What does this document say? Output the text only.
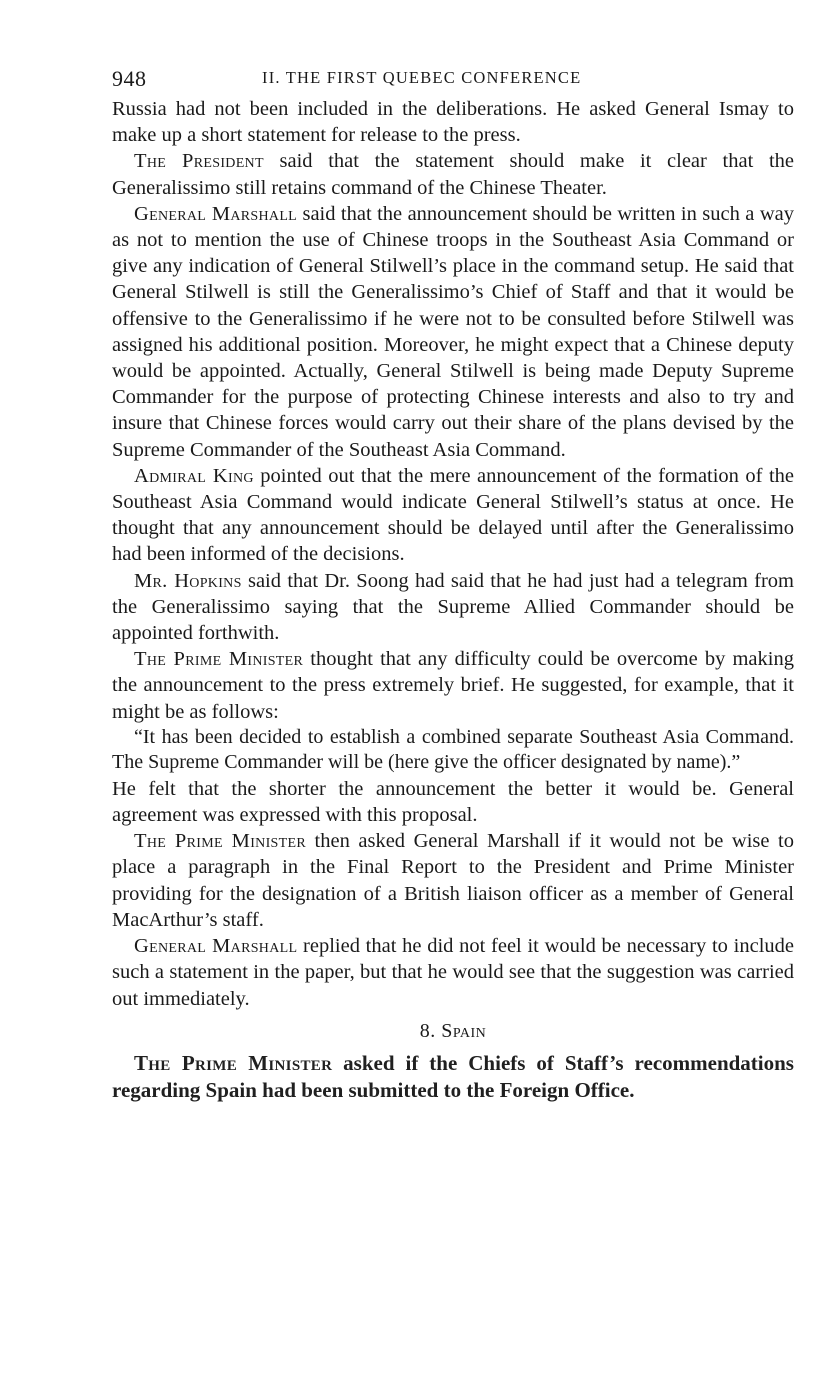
948	II. THE FIRST QUEBEC CONFERENCE

Russia had not been included in the deliberations. He asked General Ismay to make up a short statement for release to the press.

The President said that the statement should make it clear that the Generalissimo still retains command of the Chinese Theater.

General Marshall said that the announcement should be written in such a way as not to mention the use of Chinese troops in the Southeast Asia Command or give any indication of General Stilwell’s place in the command setup. He said that General Stilwell is still the Generalissimo’s Chief of Staff and that it would be offensive to the Generalissimo if he were not to be consulted before Stilwell was assigned his additional position. Moreover, he might expect that a Chinese deputy would be appointed. Actually, General Stilwell is being made Deputy Supreme Commander for the purpose of protecting Chinese interests and also to try and insure that Chinese forces would carry out their share of the plans devised by the Supreme Commander of the Southeast Asia Command.

Admiral King pointed out that the mere announcement of the formation of the Southeast Asia Command would indicate General Stilwell’s status at once. He thought that any announcement should be delayed until after the Generalissimo had been informed of the decisions.

Mr. Hopkins said that Dr. Soong had said that he had just had a telegram from the Generalissimo saying that the Supreme Allied Commander should be appointed forthwith.

The Prime Minister thought that any difficulty could be overcome by making the announcement to the press extremely brief. He suggested, for example, that it might be as follows:

“It has been decided to establish a combined separate Southeast Asia Command. The Supreme Commander will be (here give the officer designated by name).”

He felt that the shorter the announcement the better it would be. General agreement was expressed with this proposal.

The Prime Minister then asked General Marshall if it would not be wise to place a paragraph in the Final Report to the President and Prime Minister providing for the designation of a British liaison officer as a member of General MacArthur’s staff.

General Marshall replied that he did not feel it would be necessary to include such a statement in the paper, but that he would see that the suggestion was carried out immediately.

8. Spain

The Prime Minister asked if the Chiefs of Staff’s recommendations regarding Spain had been submitted to the Foreign Office.
